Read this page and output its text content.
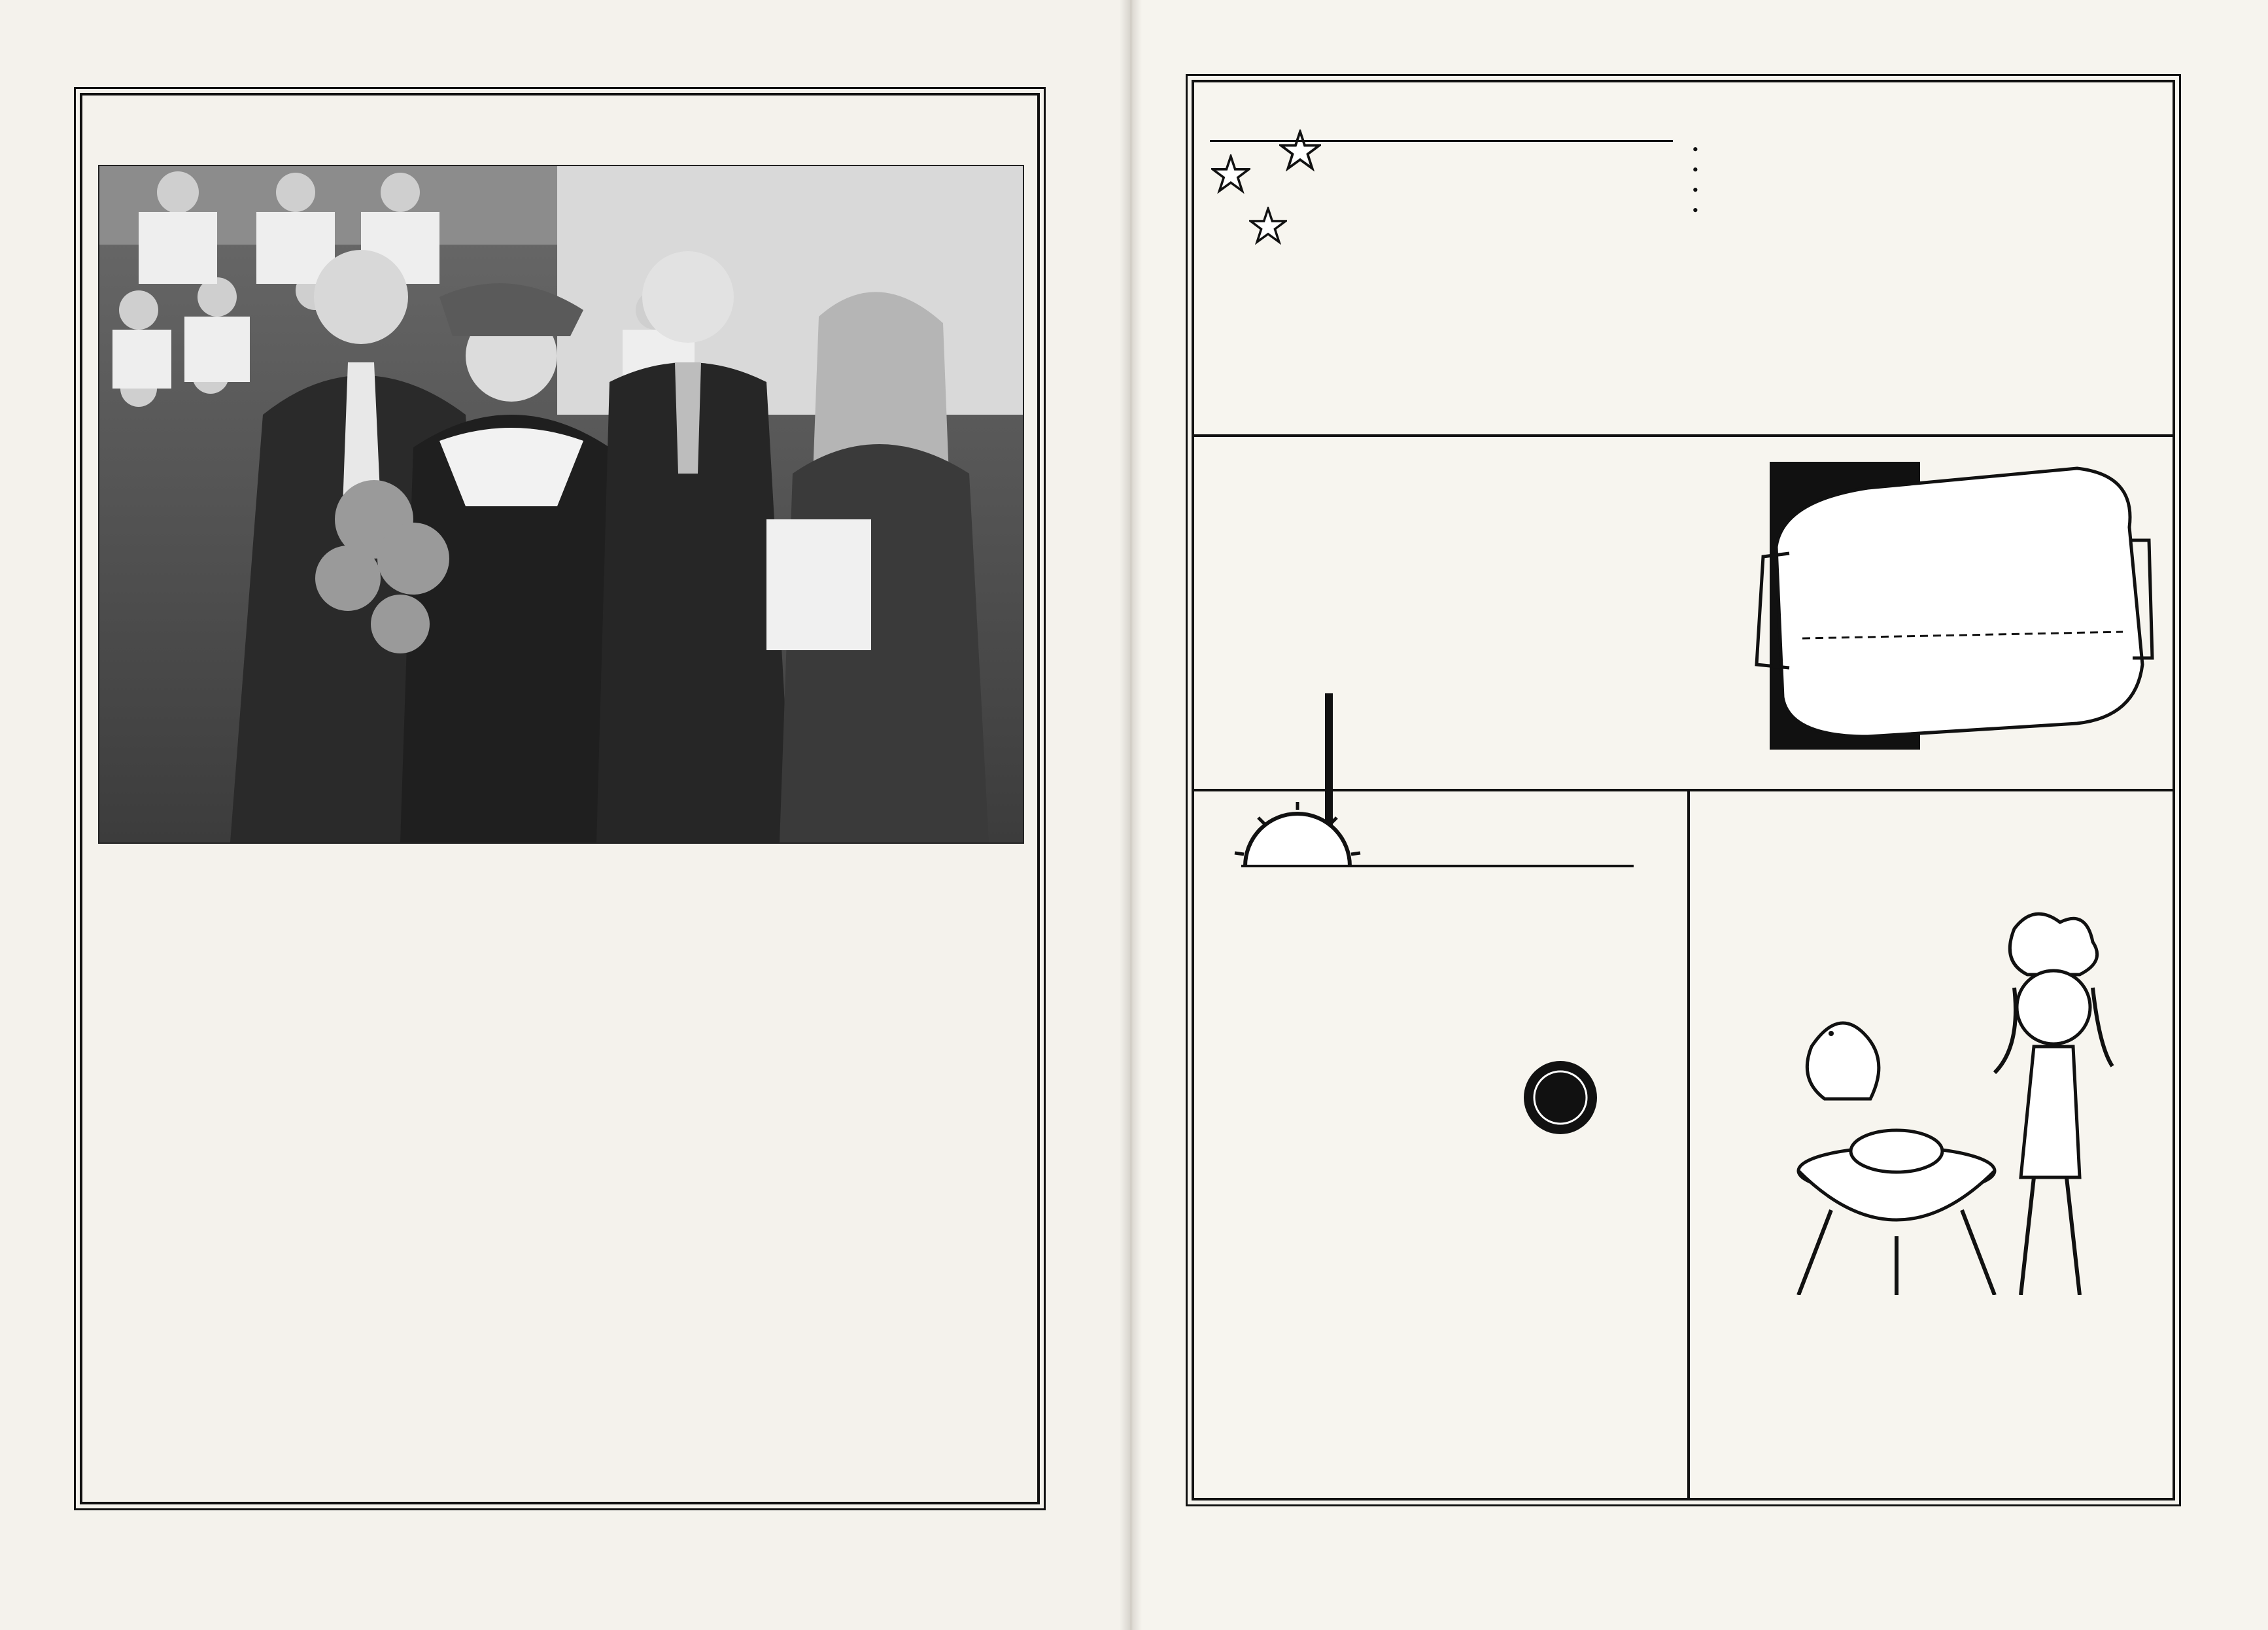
•
•
•
•
